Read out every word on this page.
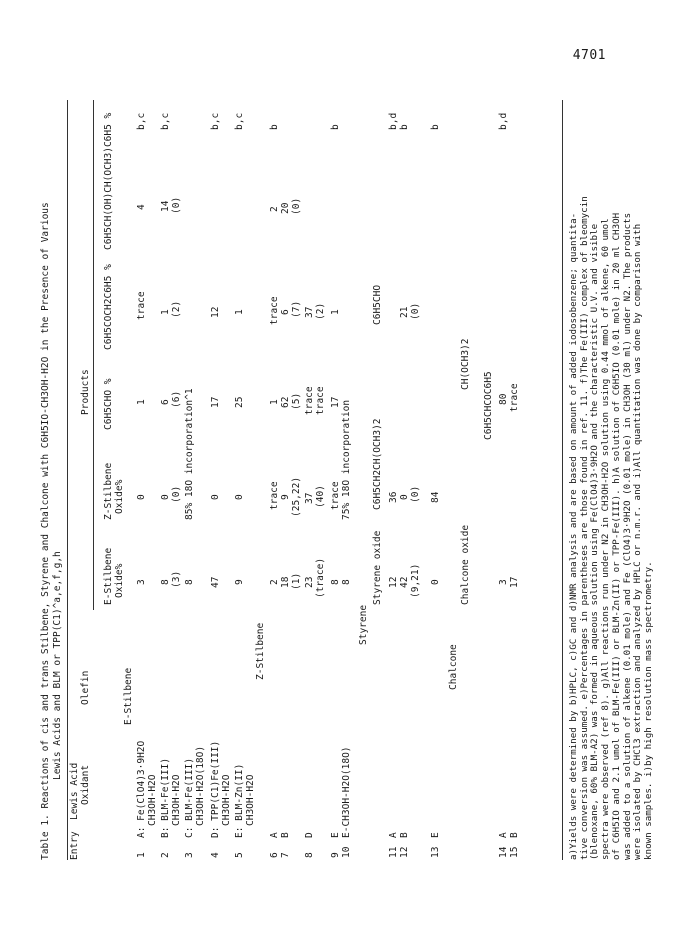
4701
Table 1. Reactions of cis and trans Stilbene, Styrene and Chalcone with C6H5IO-CH3OH-H2O in the Presence of Various Lewis Acids and BLM or TPP(C1)^a,e,f,g,h
Entry
Lewis Acid Oxidant
Olefin
Products
E-Stilbene Oxide%
Z-Stilbene Oxide%
C6H5CHO %
C6H5COCH2C6H5 %
C6H5CH(OH)CH(OCH3)C6H5 %
E-Stilbene
1
A: Fe(ClO4)3·9H2O CH3OH-H2O
3
0
1
trace
4
b,c
2
B: BLM-Fe(III) CH3OH-H2O
8 (3)
0 (0)
6 (6)
1 (2)
14 (0)
b,c
3
C: BLM-Fe(III) CH3OH-H2O(18O)
8
85% 18O incorporation^1
4
D: TPP(C1)Fe(III) CH3OH-H2O
47
0
17
12
b,c
5
E: BLM-Zn(II) CH3OH-H2O
9
0
25
1
b,c
Z-Stilbene
6
A
2
trace
1
trace
2
b
7
B
18 (1)
9 (25,22)
62 (5)
6 (7)
20 (0)
8
D
23 (trace)
37 (40)
trace trace
37 (2)
9
E
8
trace
17
1
b
10
E-CH3OH-H2O(18O)
8
75% 18O incorporation
Styrene
Styrene oxide
C6H5CH2CH(OCH3)2
C6H5CHO
11
A
12
36
b,d
12
B
42 (9,21)
0 (0)
21 (0)
b
13
E
0
84
b
Chalcone
Chalcone oxide
CH(OCH3)2
C6H5CHCOC6H5
14
A
3
80
b,d
15
B
17
trace	a)Yields were determined by b)HPLC, c)GC and d)NMR analysis and are based on amount of added iodosobenzene; quantita- tive conversion was assumed. e)Percentages in parentheses are those found in ref. 11. f)The Fe(III) complex of bleomycin (blenoxane, 60% BLM-A2) was formed in aqueous solution using Fe(ClO4)3·9H2O and the characteristic U.V. and visible spectra were observed (ref 8). g)All reactions run under N2 in CH3OH-H2O solution using 0.44 mmol of alkene, 60 umol of C6H5IO and 2.1 umol of BLM-Fe(III) or BLM-Zn(II) or TPP-Fe(III). h)A solution of C6H5IO (0.01 mole) in 20 ml CH3OH was added to a solution of alkene (0.01 mole) and Fe (ClO4)3·9H2O (0.01 mole) in CH3OH (30 ml) under N2. The products were isolated by CHCl3 extraction and analyzed by HPLC or n.m.r. and i)All quantitation was done by comparison with known samples. i)by high resolution mass spectrometry.
